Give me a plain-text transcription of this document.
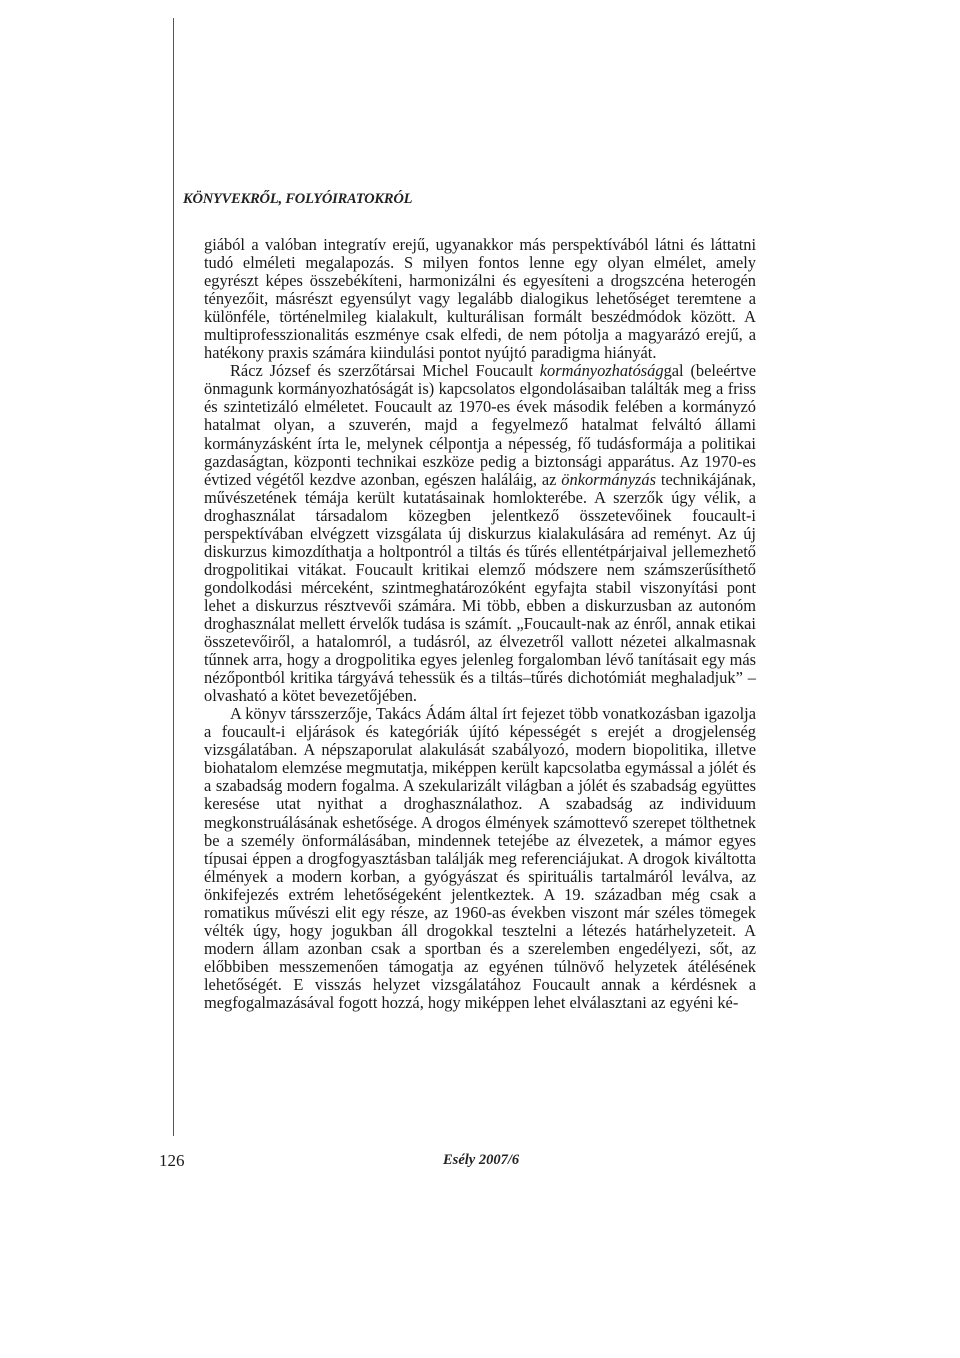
KÖNYVEKRŐL, FOLYÓIRATOKRÓL

giából a valóban integratív erejű, ugyanakkor más perspektívából látni és láttatni tudó elméleti megalapozás. S milyen fontos lenne egy olyan elmélet, amely egyrészt képes összebékíteni, harmonizálni és egyesíteni a drogszcéna heterogén tényezőit, másrészt egyensúlyt vagy legalább dialogikus lehetőséget teremtene a különféle, történelmileg kialakult, kulturálisan formált beszédmódok között. A multiprofesszionalitás eszménye csak elfedi, de nem pótolja a magyarázó erejű, a hatékony praxis számára kiindulási pontot nyújtó paradigma hiányát.

Rácz József és szerzőtársai Michel Foucault kormányozhatósággal (beleértve önmagunk kormányozhatóságát is) kapcsolatos elgondolásaiban találták meg a friss és szintetizáló elméletet. Foucault az 1970-es évek második felében a kormányzó hatalmat olyan, a szuverén, majd a fegyelmező hatalmat felváltó állami kormányzásként írta le, melynek célpontja a népesség, fő tudásformája a politikai gazdaságtan, központi technikai eszköze pedig a biztonsági apparátus. Az 1970-es évtized végétől kezdve azonban, egészen haláláig, az önkormányzás technikájának, művészetének témája került kutatásainak homlokterébe. A szerzők úgy vélik, a droghasználat társadalom közegben jelentkező összetevőinek foucault-i perspektívában elvégzett vizsgálata új diskurzus kialakulására ad reményt. Az új diskurzus kimozdíthatja a holtpontról a tiltás és tűrés ellentétpárjaival jellemezhető drogpolitikai vitákat. Foucault kritikai elemző módszere nem számszerűsíthető gondolkodási mérceként, szintmeghatározóként egyfajta stabil viszonyítási pont lehet a diskurzus résztvevői számára. Mi több, ebben a diskurzusban az autonóm droghasználat mellett érvelők tudása is számít. „Foucault-nak az énről, annak etikai összetevőiről, a hatalomról, a tudásról, az élvezetről vallott nézetei alkalmasnak tűnnek arra, hogy a drogpolitika egyes jelenleg forgalomban lévő tanításait egy más nézőpontból kritika tárgyává tehessük és a tiltás–tűrés dichotómiát meghaladjuk” – olvasható a kötet bevezetőjében.

A könyv társszerzője, Takács Ádám által írt fejezet több vonatkozásban igazolja a foucault-i eljárások és kategóriák újító képességét s erejét a drogjelenség vizsgálatában. A népszaporulat alakulását szabályozó, modern biopolitika, illetve biohatalom elemzése megmutatja, miképpen került kapcsolatba egymással a jólét és a szabadság modern fogalma. A szekularizált világban a jólét és szabadság együttes keresése utat nyithat a droghasználathoz. A szabadság az individuum megkonstruálásának eshetősége. A drogos élmények számottevő szerepet tölthetnek be a személy önformálásában, mindennek tetejébe az élvezetek, a mámor egyes típusai éppen a drogfogyasztásban találják meg referenciájukat. A drogok kiváltotta élmények a modern korban, a gyógyászat és spirituális tartalmáról leválva, az önkifejezés extrém lehetőségeként jelentkeztek. A 19. században még csak a romatikus művészi elit egy része, az 1960-as években viszont már széles tömegek vélték úgy, hogy jogukban áll drogokkal tesztelni a létezés határhelyzeteit. A modern állam azonban csak a sportban és a szerelemben engedélyezi, sőt, az előbbiben messzemenően támogatja az egyénen túlnövő helyzetek átélésének lehetőségét. E visszás helyzet vizsgálatához Foucault annak a kérdésnek a megfogalmazásával fogott hozzá, hogy miképpen lehet elválasztani az egyéni ké-

126	Esély 2007/6
